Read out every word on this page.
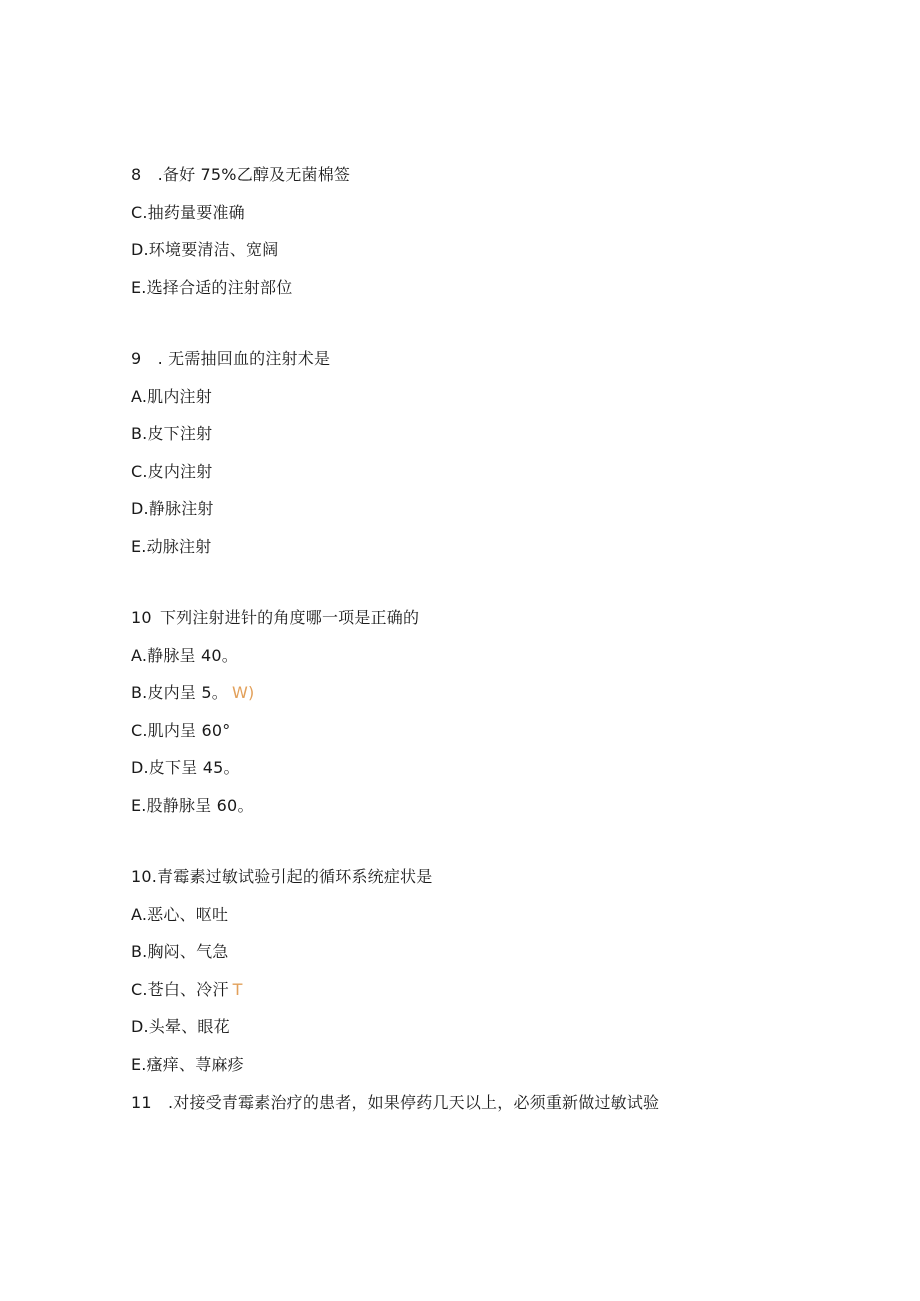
8　.备好 75%乙醇及无菌棉签
C.抽药量要准确
D.环境要清洁、宽阔
E.选择合适的注射部位
9　. 无需抽回血的注射术是
A.肌内注射
B.皮下注射
C.皮内注射
D.静脉注射
E.动脉注射
10 下列注射进针的角度哪一项是正确的
A.静脉呈 40。
B.皮内呈 5。 W)
C.肌内呈 60°
D.皮下呈 45。
E.股静脉呈 60。
10.青霉素过敏试验引起的循环系统症状是
A.恶心、呕吐
B.胸闷、气急
C.苍白、冷汗 T
D.头晕、眼花
E.瘙痒、荨麻疹
11　.对接受青霉素治疗的患者，如果停药几天以上，必须重新做过敏试验
